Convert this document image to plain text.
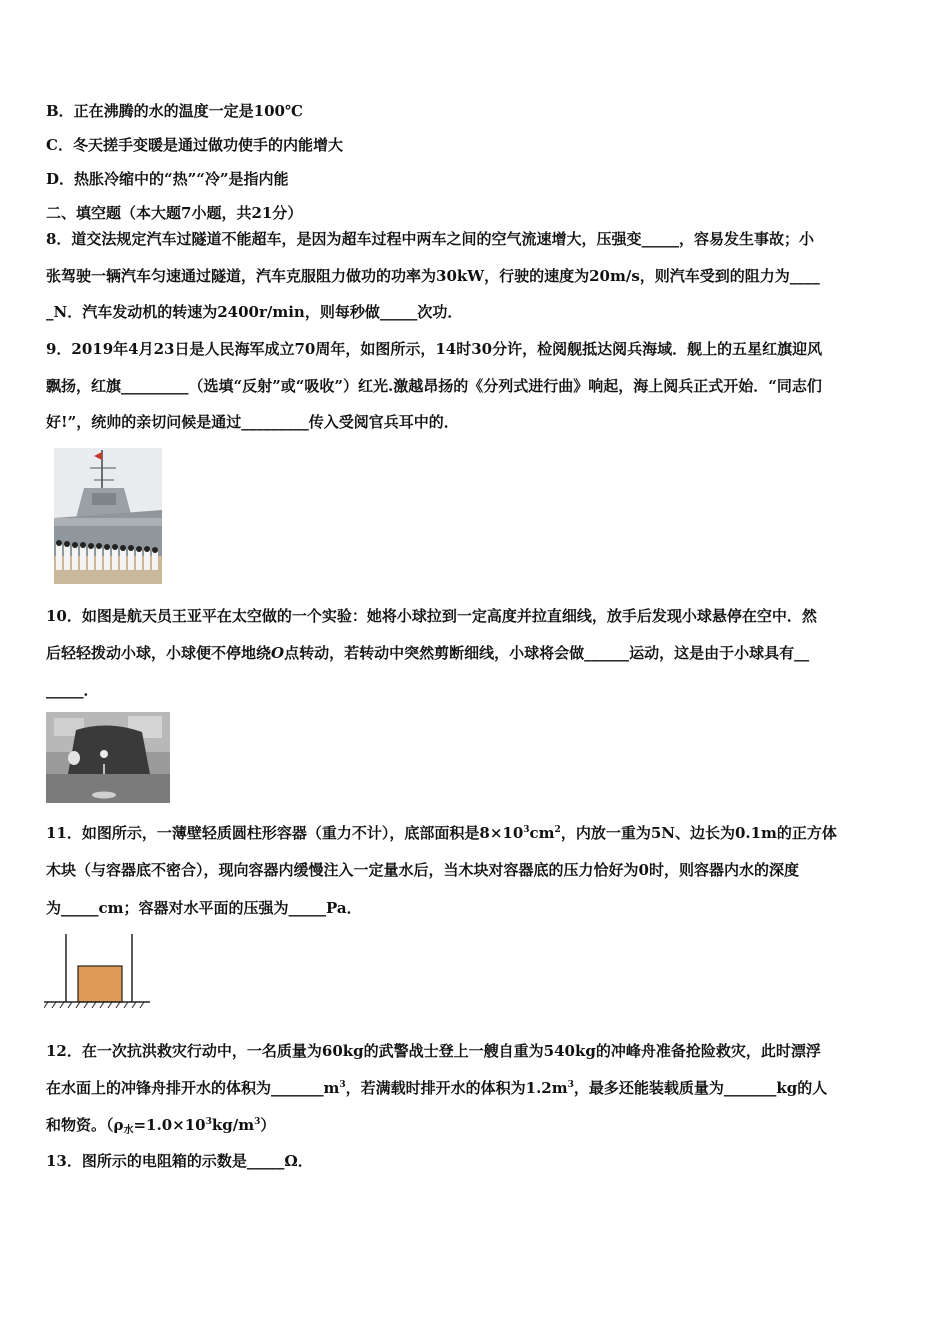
B．正在沸腾的水的温度一定是100℃
C．冬天搓手变暖是通过做功使手的内能增大
D．热胀冷缩中的“热”“冷”是指内能
二、填空题（本大题7小题，共21分）
8．道交法规定汽车过隧道不能超车，是因为超车过程中两车之间的空气流速增大，压强变_____，容易发生事故；小
张驾驶一辆汽车匀速通过隧道，汽车克服阻力做功的功率为30kW，行驶的速度为20m/s，则汽车受到的阻力为____
_N．汽车发动机的转速为2400r/min，则每秒做_____次功．
9．2019年4月23日是人民海军成立70周年，如图所示，14时30分许，检阅舰抵达阅兵海域．舰上的五星红旗迎风
飘扬，红旗_________（选填“反射”或“吸收”）红光.激越昂扬的《分列式进行曲》响起，海上阅兵正式开始．“同志们
好!”，统帅的亲切问候是通过_________传入受阅官兵耳中的．
10．如图是航天员王亚平在太空做的一个实验：她将小球拉到一定高度并拉直细线，放手后发现小球悬停在空中．然
后轻轻拨动小球，小球便不停地绕O点转动，若转动中突然剪断细线，小球将会做______运动，这是由于小球具有__
_____．
11．如图所示，一薄壁轻质圆柱形容器（重力不计），底部面积是$8\times 10^3cm^2$，内放一重为5N、边长为0.1m的正方体
木块（与容器底不密合），现向容器内缓慢注入一定量水后，当木块对容器底的压力恰好为0时，则容器内水的深度
为_____cm；容器对水平面的压强为_____Pa．
12．在一次抗洪救灾行动中，一名质量为60kg的武警战士登上一艘自重为540kg的冲峰舟准备抢险救灾，此时漂浮
在水面上的冲锋舟排开水的体积为$\_\_\_\_\_\_\_m^3$，若满载时排开水的体积为$1.2m^3$，最多还能装载质量为_______kg的人
和物资。$(\rho_水=1.0\times 10^3kg/m^3)$
13．图所示的电阻箱的示数是_____Ω．
